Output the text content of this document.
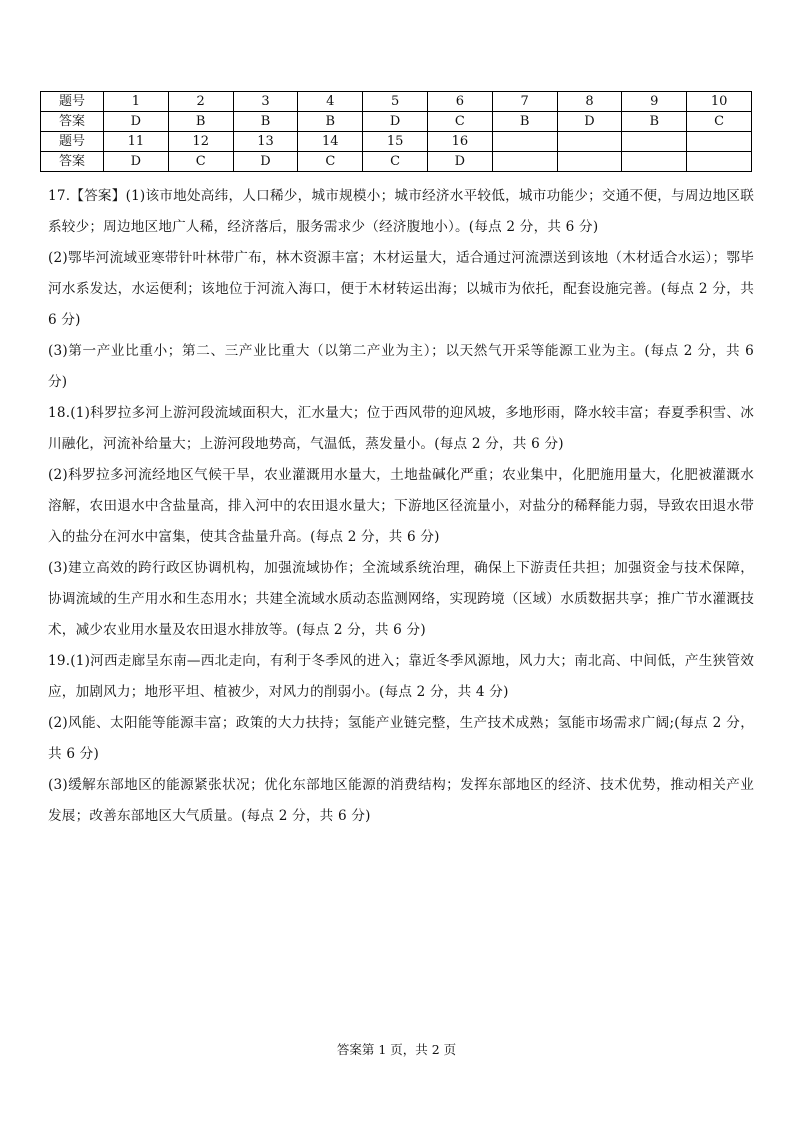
题号	1	2	3	4	5	6	7	8	9	10
答案	D	B	B	B	D	C	B	D	B	C
题号	11	12	13	14	15	16				
答案	D	C	D	C	C	D				

17.【答案】(1)该市地处高纬，人口稀少，城市规模小；城市经济水平较低，城市功能少；交通不便，与周边地区联系较少；周边地区地广人稀，经济落后，服务需求少（经济腹地小）。(每点 2 分，共 6 分)

(2)鄂毕河流域亚寒带针叶林带广布，林木资源丰富；木材运量大，适合通过河流漂送到该地（木材适合水运）；鄂毕河水系发达，水运便利；该地位于河流入海口，便于木材转运出海；以城市为依托，配套设施完善。(每点 2 分，共 6 分)

(3)第一产业比重小；第二、三产业比重大（以第二产业为主）；以天然气开采等能源工业为主。(每点 2 分，共 6 分)

18.(1)科罗拉多河上游河段流域面积大，汇水量大；位于西风带的迎风坡，多地形雨，降水较丰富；春夏季积雪、冰川融化，河流补给量大；上游河段地势高，气温低，蒸发量小。(每点 2 分，共 6 分)

(2)科罗拉多河流经地区气候干旱，农业灌溉用水量大，土地盐碱化严重；农业集中，化肥施用量大，化肥被灌溉水溶解，农田退水中含盐量高，排入河中的农田退水量大；下游地区径流量小，对盐分的稀释能力弱，导致农田退水带入的盐分在河水中富集，使其含盐量升高。(每点 2 分，共 6 分)

(3)建立高效的跨行政区协调机构，加强流域协作；全流域系统治理，确保上下游责任共担；加强资金与技术保障，协调流域的生产用水和生态用水；共建全流域水质动态监测网络，实现跨境（区域）水质数据共享；推广节水灌溉技术，减少农业用水量及农田退水排放等。(每点 2 分，共 6 分)

19.(1)河西走廊呈东南—西北走向，有利于冬季风的进入；靠近冬季风源地，风力大；南北高、中间低，产生狭管效应，加剧风力；地形平坦、植被少，对风力的削弱小。(每点 2 分，共 4 分)

(2)风能、太阳能等能源丰富；政策的大力扶持；氢能产业链完整，生产技术成熟；氢能市场需求广阔;(每点 2 分，共 6 分)

(3)缓解东部地区的能源紧张状况；优化东部地区能源的消费结构；发挥东部地区的经济、技术优势，推动相关产业发展；改善东部地区大气质量。(每点 2 分，共 6 分)

答案第 1 页，共 2 页
